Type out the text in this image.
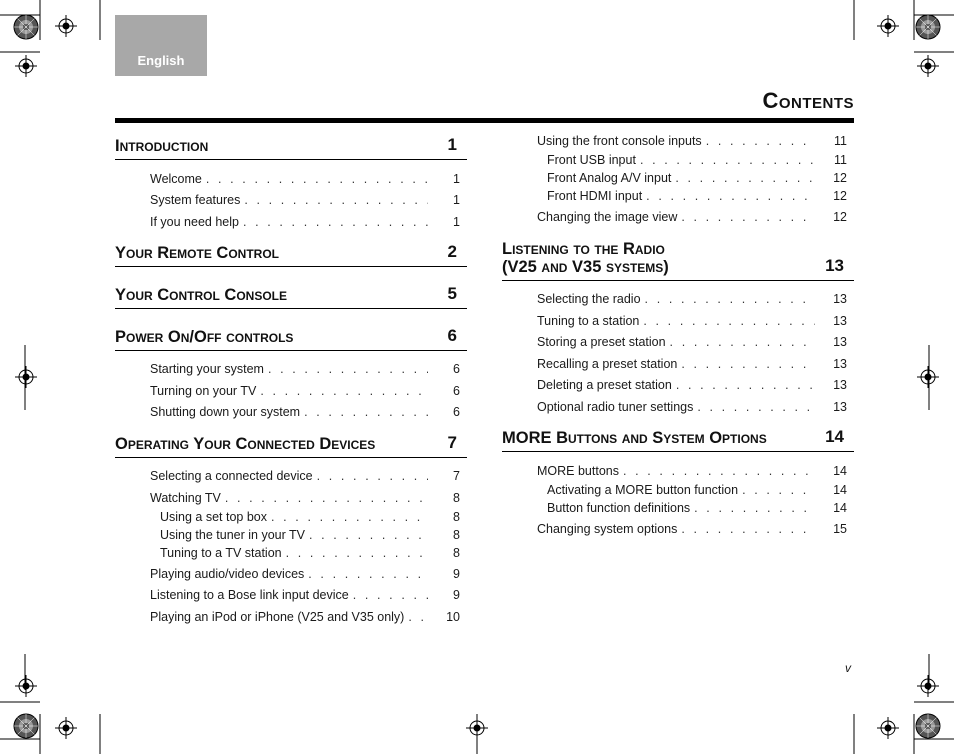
English
Contents
Introduction	1
Welcome . . .	1
System features . . .	1
If you need help . . .	1
Your Remote Control	2
Your Control Console	5
Power On/Off controls	6
Starting your system . . .	6
Turning on your TV . . .	6
Shutting down your system . . .	6
Operating Your Connected Devices	7
Selecting a connected device . . .	7
Watching TV . . .	8
Using a set top box . . .	8
Using the tuner in your TV . . .	8
Tuning to a TV station . . .	8
Playing audio/video devices . . .	9
Listening to a Bose link input device . . .	9
Playing an iPod or iPhone (V25 and V35 only) . . .	10
Using the front console inputs . . .	11
Front USB input . . .	11
Front Analog A/V input . . .	12
Front HDMI input . . .	12
Changing the image view . . .	12
Listening to the Radio
(V25 and V35 systems)	13
Selecting the radio . . .	13
Tuning to a station . . .	13
Storing a preset station . . .	13
Recalling a preset station . . .	13
Deleting a preset station . . .	13
Optional radio tuner settings . . .	13
MORE Buttons and System Options	14
MORE buttons . . .	14
Activating a MORE button function . . .	14
Button function definitions . . .	14
Changing system options . . .	15
v
